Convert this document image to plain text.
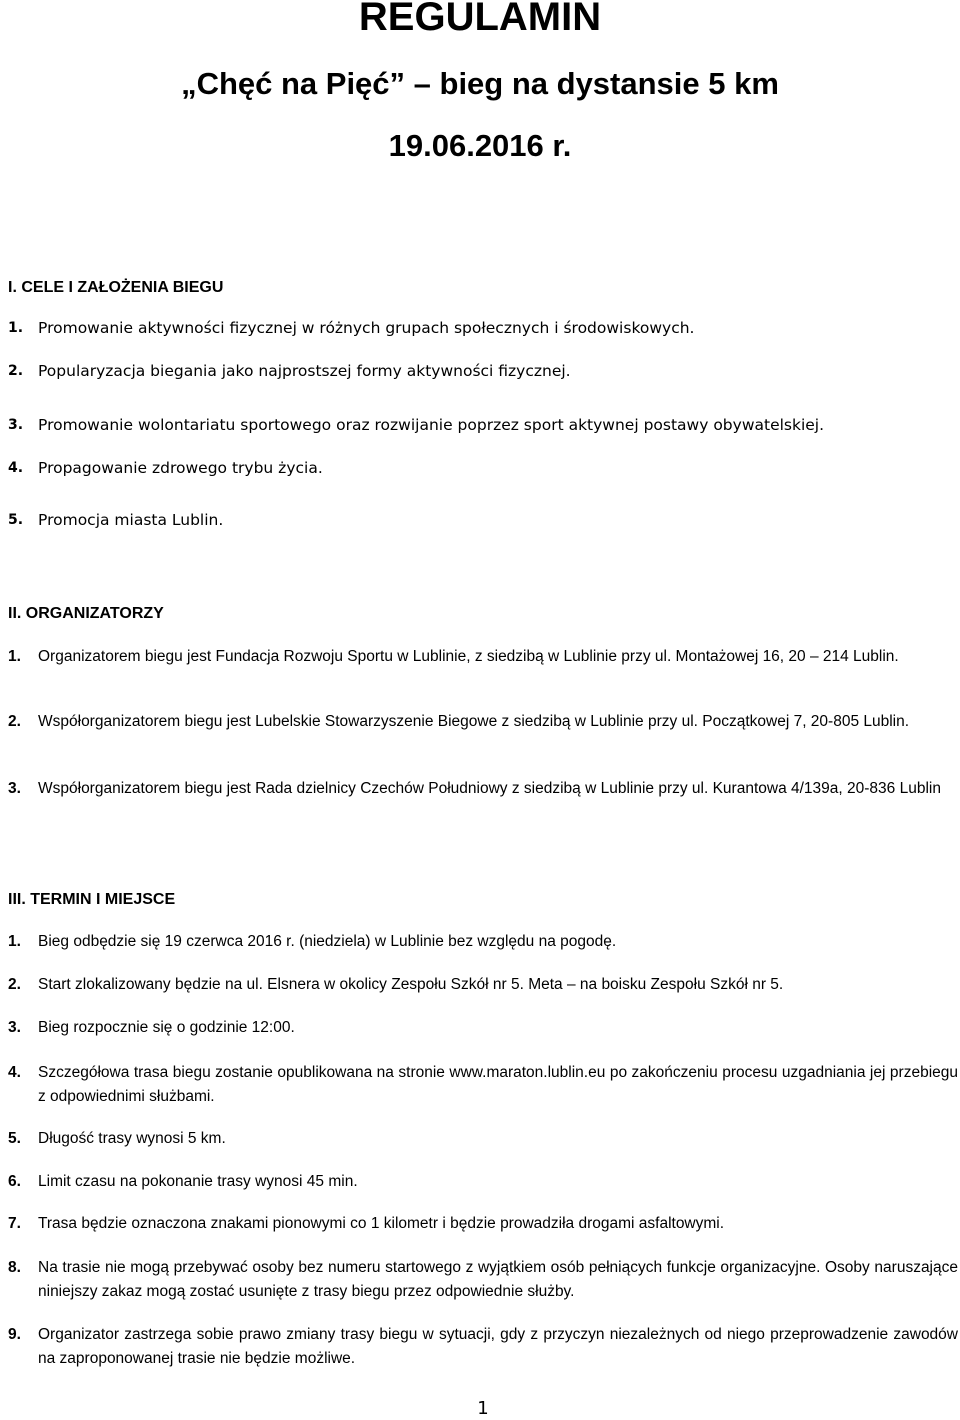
REGULAMIN
„Chęć na Pięć” – bieg na dystansie 5 km
19.06.2016 r.
I. CELE I ZAŁOŻENIA BIEGU
1. Promowanie aktywności fizycznej w różnych grupach społecznych i środowiskowych.
2. Popularyzacja biegania jako najprostszej formy aktywności fizycznej.
3. Promowanie wolontariatu sportowego oraz rozwijanie poprzez sport aktywnej postawy obywatelskiej.
4. Propagowanie zdrowego trybu życia.
5. Promocja miasta Lublin.
II. ORGANIZATORZY
1. Organizatorem biegu jest Fundacja Rozwoju Sportu w Lublinie, z siedzibą w Lublinie przy ul. Montażowej 16, 20 – 214 Lublin.
2. Współorganizatorem biegu jest Lubelskie Stowarzyszenie Biegowe z siedzibą w Lublinie przy ul. Początkowej 7, 20-805 Lublin.
3. Współorganizatorem biegu jest Rada dzielnicy Czechów Południowy z siedzibą w Lublinie przy ul. Kurantowa 4/139a, 20-836 Lublin
III. TERMIN I MIEJSCE
1. Bieg odbędzie się 19 czerwca 2016 r. (niedziela) w Lublinie bez względu na pogodę.
2. Start zlokalizowany będzie na ul. Elsnera w okolicy Zespołu Szkół nr 5. Meta – na boisku Zespołu Szkół nr 5.
3. Bieg rozpocznie się o godzinie 12:00.
4. Szczegółowa trasa biegu zostanie opublikowana na stronie www.maraton.lublin.eu po zakończeniu procesu uzgadniania jej przebiegu z odpowiednimi służbami.
5. Długość trasy wynosi 5 km.
6. Limit czasu na pokonanie trasy wynosi 45 min.
7. Trasa będzie oznaczona znakami pionowymi co 1 kilometr i będzie prowadziła drogami asfaltowymi.
8. Na trasie nie mogą przebywać osoby bez numeru startowego z wyjątkiem osób pełniących funkcje organizacyjne. Osoby naruszające niniejszy zakaz mogą zostać usunięte z trasy biegu przez odpowiednie służby.
9. Organizator zastrzega sobie prawo zmiany trasy biegu w sytuacji, gdy z przyczyn niezależnych od niego przeprowadzenie zawodów na zaproponowanej trasie nie będzie możliwe.
1
